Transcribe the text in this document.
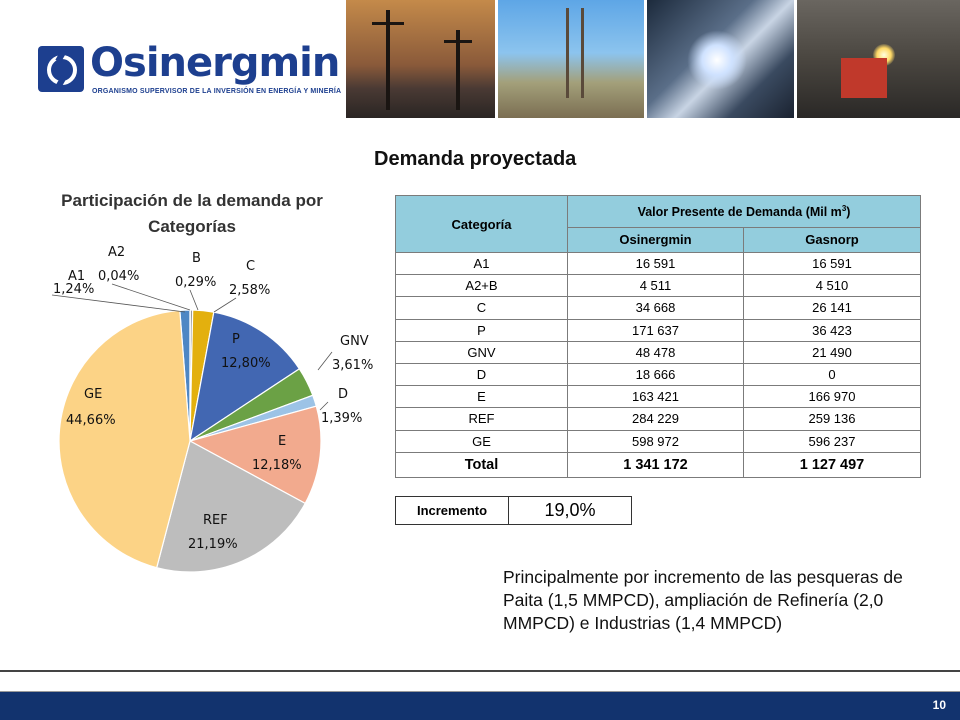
Osinergmin
ORGANISMO SUPERVISOR DE LA INVERSIÓN EN ENERGÍA Y MINERÍA
Demanda proyectada
Participación de la demanda por Categorías
A1
1,24%
A2
0,04%
B
0,29%
C
2,58%
P
12,80%
GNV
3,61%
D
1,39%
E
12,18%
REF
21,19%
GE
44,66%
Categoría	Valor Presente de Demanda (Mil $m^3$)	
	Osinergmin	Gasnorp
A1	16 591	16 591
A2+B	4 511	4 510
C	34 668	26 141
P	171 637	36 423
GNV	48 478	21 490
D	18 666	0
E	163 421	166 970
REF	284 229	259 136
GE	598 972	596 237
Total	1 341 172	1 127 497
Incremento	19,0%
Principalmente por incremento de las pesqueras de Paita (1,5 MMPCD), ampliación de Refinería (2,0 MMPCD) e Industrias (1,4 MMPCD)
10
